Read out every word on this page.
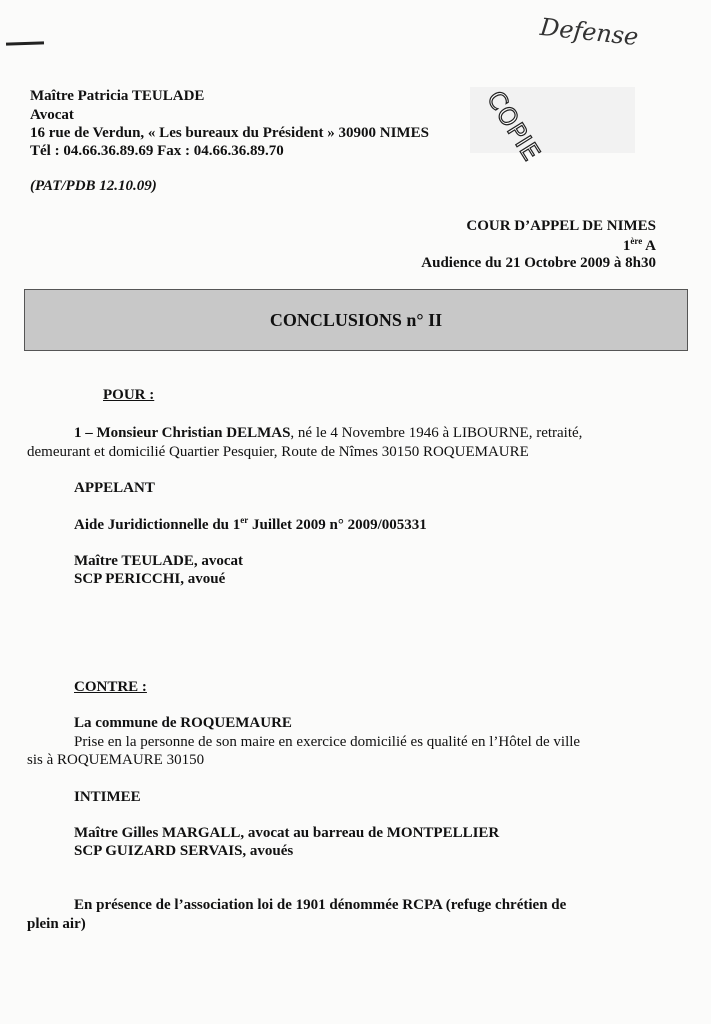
Defense
COPIE
Maître Patricia TEULADE
Avocat
16 rue de Verdun, « Les bureaux du Président » 30900 NIMES
Tél : 04.66.36.89.69 Fax : 04.66.36.89.70
(PAT/PDB 12.10.09)
COUR D’APPEL DE NIMES
1ère A
Audience du 21 Octobre 2009 à 8h30
CONCLUSIONS n° II
POUR :
1 – Monsieur Christian DELMAS, né le 4 Novembre 1946 à LIBOURNE, retraité,
demeurant et domicilié Quartier Pesquier, Route de Nîmes 30150 ROQUEMAURE
APPELANT
Aide Juridictionnelle du 1er Juillet 2009 n° 2009/005331
Maître TEULADE, avocat
SCP PERICCHI, avoué
CONTRE :
La commune de ROQUEMAURE
Prise en la personne de son maire en exercice domicilié es qualité en l’Hôtel de ville
sis à ROQUEMAURE 30150
INTIMEE
Maître Gilles MARGALL, avocat au barreau de MONTPELLIER
SCP GUIZARD SERVAIS, avoués
En présence de l’association loi de 1901 dénommée RCPA (refuge chrétien de
plein air)
